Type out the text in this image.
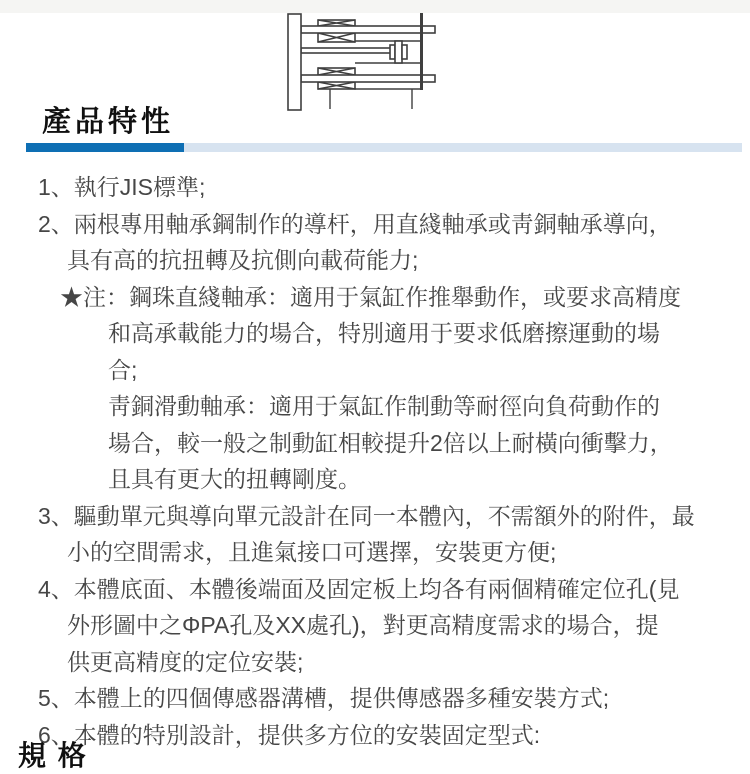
產品特性
1、執行JIS標準;
2、兩根專用軸承鋼制作的導杆，用直綫軸承或靑銅軸承導向，
具有高的抗扭轉及抗側向載荷能力;
★注：鋼珠直綫軸承：適用于氣缸作推舉動作，或要求高精度
和高承載能力的場合，特別適用于要求低磨擦運動的場
合;
靑銅滑動軸承：適用于氣缸作制動等耐徑向負荷動作的
場合，較一般之制動缸相較提升2倍以上耐橫向衝擊力，
且具有更大的扭轉剛度。
3、驅動單元與導向單元設計在同一本體內，不需額外的附件，最
小的空間需求，且進氣接口可選擇，安裝更方便;
4、本體底面、本體後端面及固定板上均各有兩個精確定位孔(見
外形圖中之ΦPA孔及XX處孔)，對更高精度需求的場合，提
供更高精度的定位安裝;
5、本體上的四個傳感器溝槽，提供傳感器多種安裝方式;
6、本體的特別設計，提供多方位的安裝固定型式:
規 格
